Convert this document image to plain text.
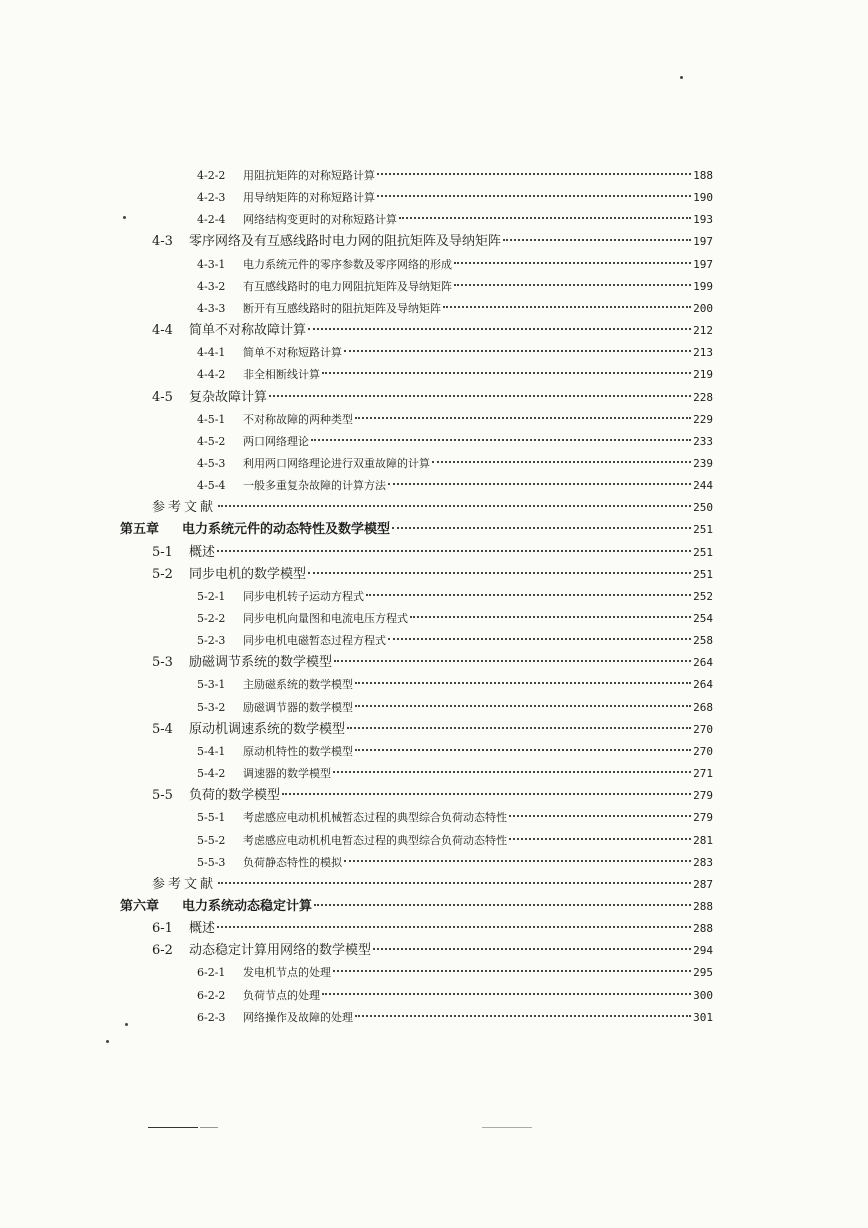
4-2-2	用阻抗矩阵的对称短路计算	188
4-2-3	用导纳矩阵的对称短路计算	190
4-2-4	网络结构变更时的对称短路计算	193
4-3	零序网络及有互感线路时电力网的阻抗矩阵及导纳矩阵	197
4-3-1	电力系统元件的零序参数及零序网络的形成	197
4-3-2	有互感线路时的电力网阻抗矩阵及导纳矩阵	199
4-3-3	断开有互感线路时的阻抗矩阵及导纳矩阵	200
4-4	简单不对称故障计算	212
4-4-1	简单不对称短路计算	213
4-4-2	非全相断线计算	219
4-5	复杂故障计算	228
4-5-1	不对称故障的两种类型	229
4-5-2	两口网络理论	233
4-5-3	利用两口网络理论进行双重故障的计算	239
4-5-4	一般多重复杂故障的计算方法	244
参考文献	250
第五章	电力系统元件的动态特性及数学模型	251
5-1	概述	251
5-2	同步电机的数学模型	251
5-2-1	同步电机转子运动方程式	252
5-2-2	同步电机向量图和电流电压方程式	254
5-2-3	同步电机电磁暂态过程方程式	258
5-3	励磁调节系统的数学模型	264
5-3-1	主励磁系统的数学模型	264
5-3-2	励磁调节器的数学模型	268
5-4	原动机调速系统的数学模型	270
5-4-1	原动机特性的数学模型	270
5-4-2	调速器的数学模型	271
5-5	负荷的数学模型	279
5-5-1	考虑感应电动机机械暂态过程的典型综合负荷动态特性	279
5-5-2	考虑感应电动机机电暂态过程的典型综合负荷动态特性	281
5-5-3	负荷静态特性的模拟	283
参考文献	287
第六章	电力系统动态稳定计算	288
6-1	概述	288
6-2	动态稳定计算用网络的数学模型	294
6-2-1	发电机节点的处理	295
6-2-2	负荷节点的处理	300
6-2-3	网络操作及故障的处理	301
